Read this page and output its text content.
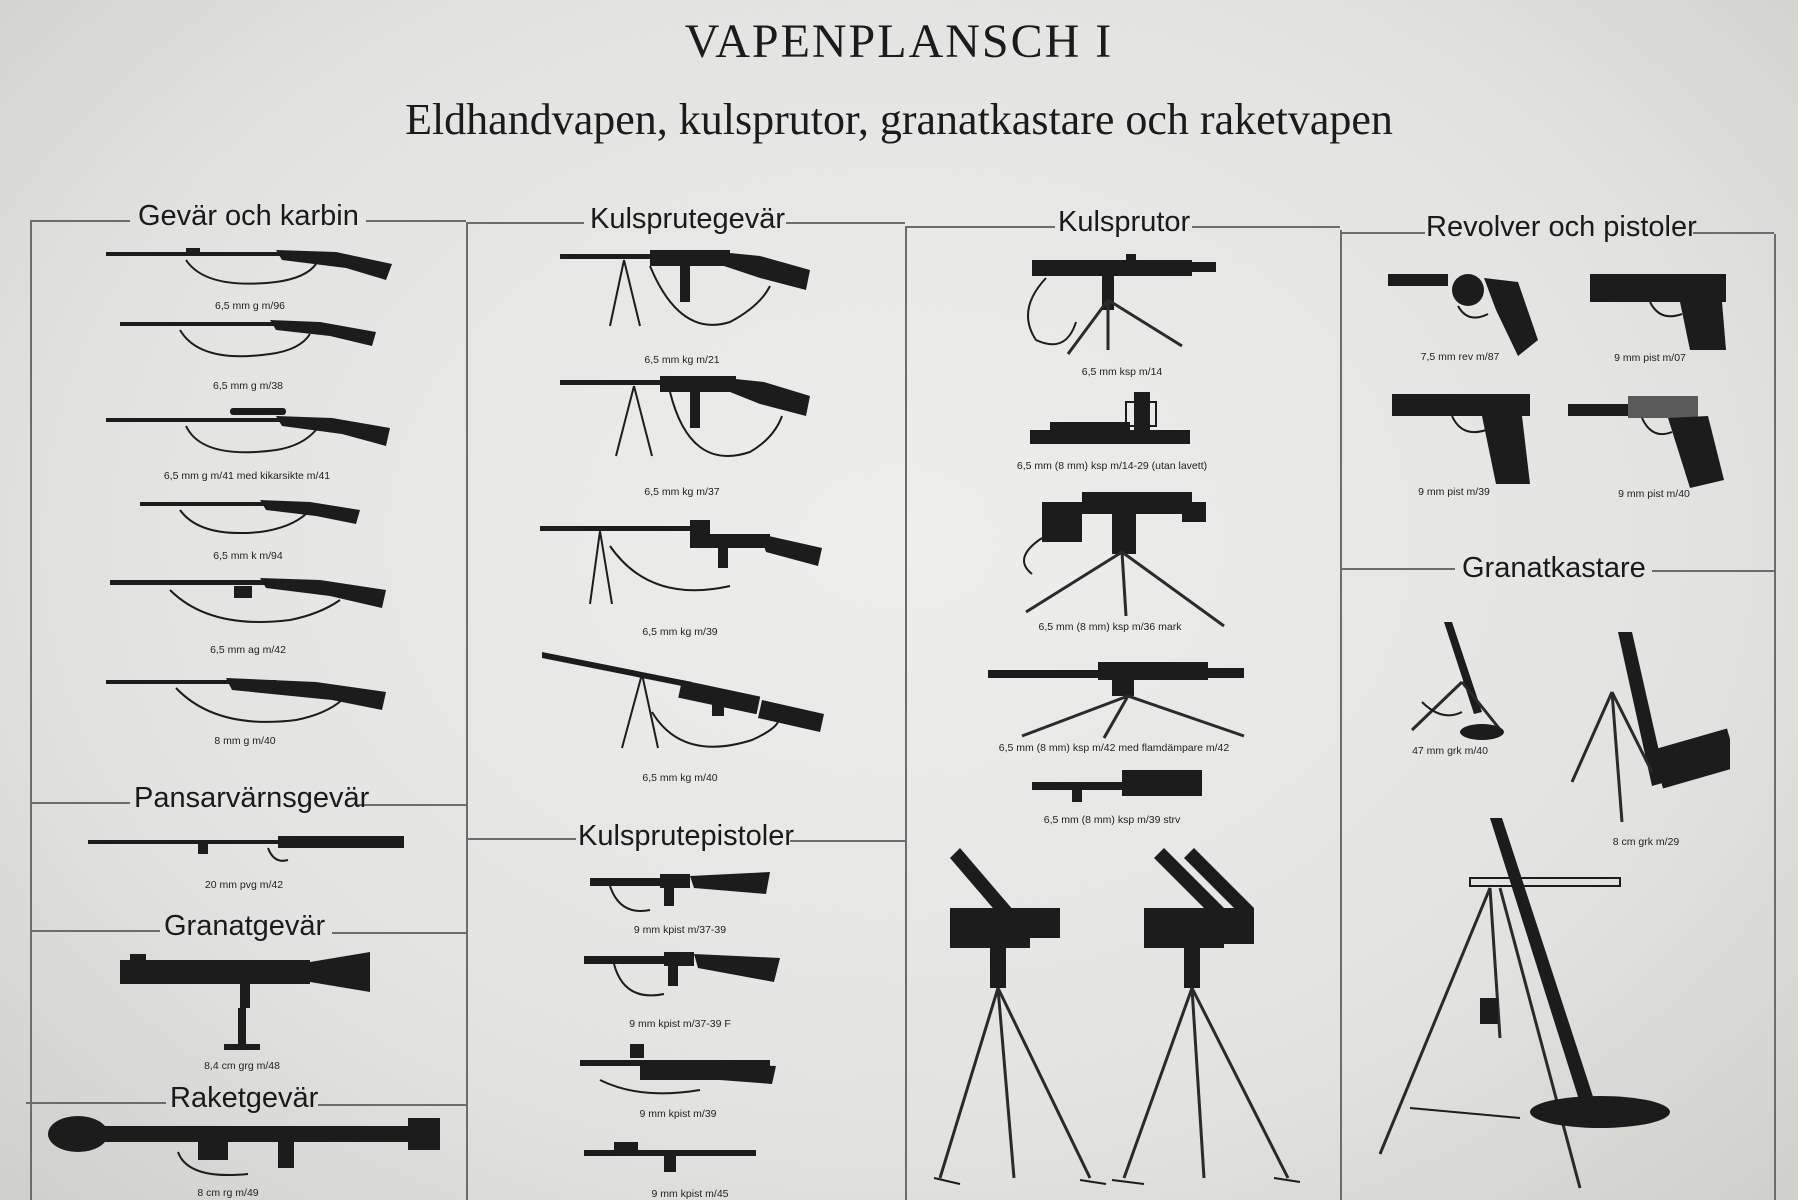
VAPENPLANSCH I
Eldhandvapen, kulsprutor, granatkastare och raketvapen
Gevär och karbin	Kulsprutegevär	Kulsprutor	Revolver och pistoler
Pansarvärnsgevär
Granatgevär
Raketgevär
Kulsprutepistoler
Granatkastare
6,5 mm g m/96
6,5 mm g m/38
6,5 mm g m/41 med kikarsikte m/41
6,5 mm k m/94
6,5 mm ag m/42
8 mm g m/40
20 mm pvg m/42
8,4 cm grg m/48
8 cm rg m/49
6,5 mm kg m/21
6,5 mm kg m/37
6,5 mm kg m/39
6,5 mm kg m/40
9 mm kpist m/37-39
9 mm kpist m/37-39 F
9 mm kpist m/39
9 mm kpist m/45
6,5 mm ksp m/14
6,5 mm (8 mm) ksp m/14-29 (utan lavett)
6,5 mm (8 mm) ksp m/36 mark
6,5 mm (8 mm) ksp m/42 med flamdämpare m/42
6,5 mm (8 mm) ksp m/39 strv
7,5 mm rev m/87	9 mm pist m/07
9 mm pist m/39	9 mm pist m/40
47 mm grk m/40
8 cm grk m/29
